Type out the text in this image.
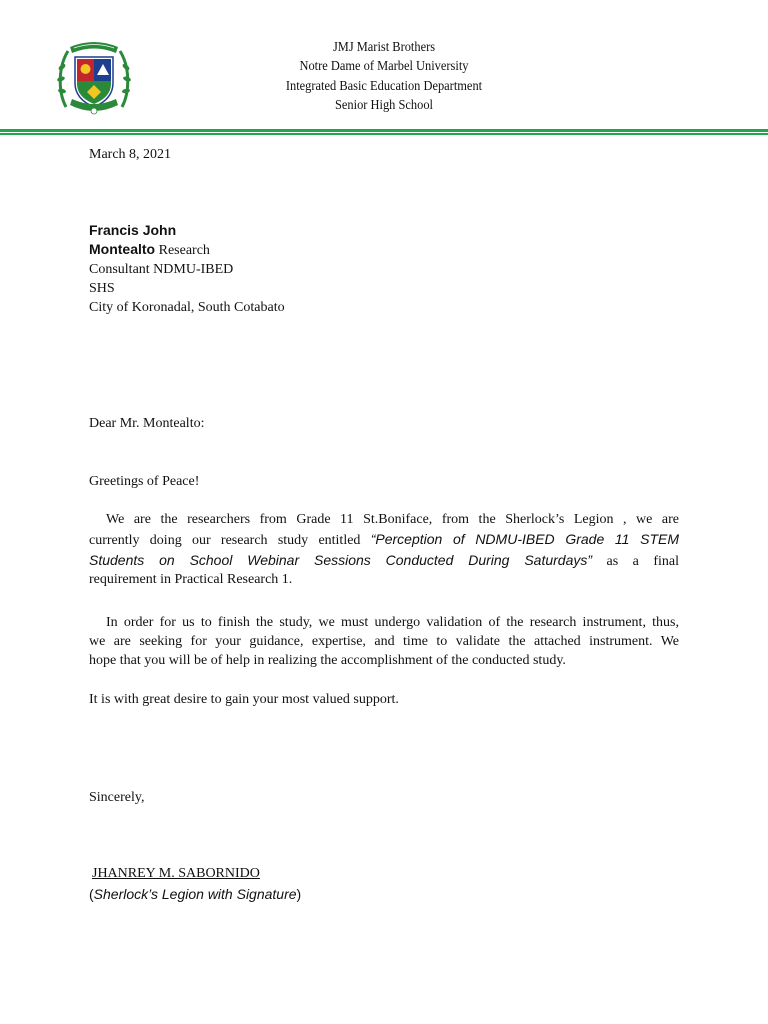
JMJ Marist Brothers
Notre Dame of Marbel University
Integrated Basic Education Department
Senior High School
March 8, 2021
Francis John
Montealto Research
Consultant NDMU-IBED
SHS
City of Koronadal, South Cotabato
Dear Mr. Montealto:
Greetings of Peace!
We are the researchers from Grade 11 St.Boniface, from the Sherlock’s Legion , we are
currently doing our research study entitled “Perception of NDMU-IBED Grade 11 STEM
Students on School Webinar Sessions Conducted During Saturdays” as a final
requirement in Practical Research 1.
In order for us to finish the study, we must undergo validation of the research instrument, thus,
we are seeking for your guidance, expertise, and time to validate the attached instrument. We
hope that you will be of help in realizing the accomplishment of the conducted study.
It is with great desire to gain your most valued support.
Sincerely,
JHANREY M. SABORNIDO
(Sherlock’s Legion with Signature)
